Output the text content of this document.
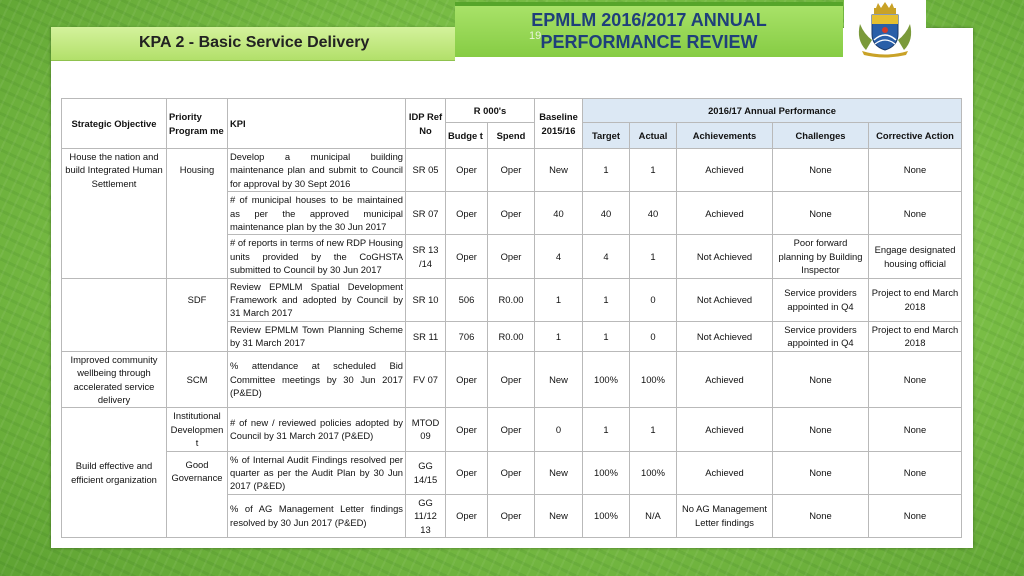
KPA 2 - Basic Service Delivery
EPMLM 2016/2017 ANNUAL
PERFORMANCE REVIEW
19
Strategic Objective	Priority Program me	KPI	IDP Ref No	R 000's		Baseline 2015/16	2016/17 Annual Performance				
				Budge t	Spend		Target	Actual	Achievements	Challenges	Corrective Action
House the nation and build Integrated Human Settlement	Housing	Develop a municipal building maintenance plan and submit to Council for approval by 30 Sept 2016	SR 05	Oper	Oper	New	1	1	Achieved	None	None
		# of municipal houses to be maintained as per the approved municipal maintenance plan by the 30 Jun 2017	SR 07	Oper	Oper	40	40	40	Achieved	None	None
		# of reports in terms of new RDP Housing units provided by the CoGHSTA submitted to Council by 30 Jun 2017	SR 13 /14	Oper	Oper	4	4	1	Not Achieved	Poor forward planning by Building Inspector	Engage designated housing official
	SDF	Review EPMLM Spatial Development Framework and adopted by Council by 31 March 2017	SR 10	506	R0.00	1	1	0	Not Achieved	Service providers appointed in Q4	Project to end March 2018
		Review EPMLM Town Planning Scheme by 31 March 2017	SR 11	706	R0.00	1	1	0	Not Achieved	Service providers appointed in Q4	Project to end March 2018
Improved community wellbeing through accelerated service delivery	SCM	% attendance at scheduled Bid Committee meetings by 30 Jun 2017 (P&ED)	FV 07	Oper	Oper	New	100%	100%	Achieved	None	None
Build effective and efficient organization	Institutional Developmen t	# of new / reviewed policies adopted by Council by 31 March 2017 (P&ED)	MTOD 09	Oper	Oper	0	1	1	Achieved	None	None
	Good Governance	% of Internal Audit Findings resolved per quarter as per the Audit Plan by 30 Jun 2017 (P&ED)	GG 14/15	Oper	Oper	New	100%	100%	Achieved	None	None
		% of AG Management Letter findings resolved by 30 Jun 2017 (P&ED)	GG 11/12 13	Oper	Oper	New	100%	N/A	No AG Management Letter findings	None	None
